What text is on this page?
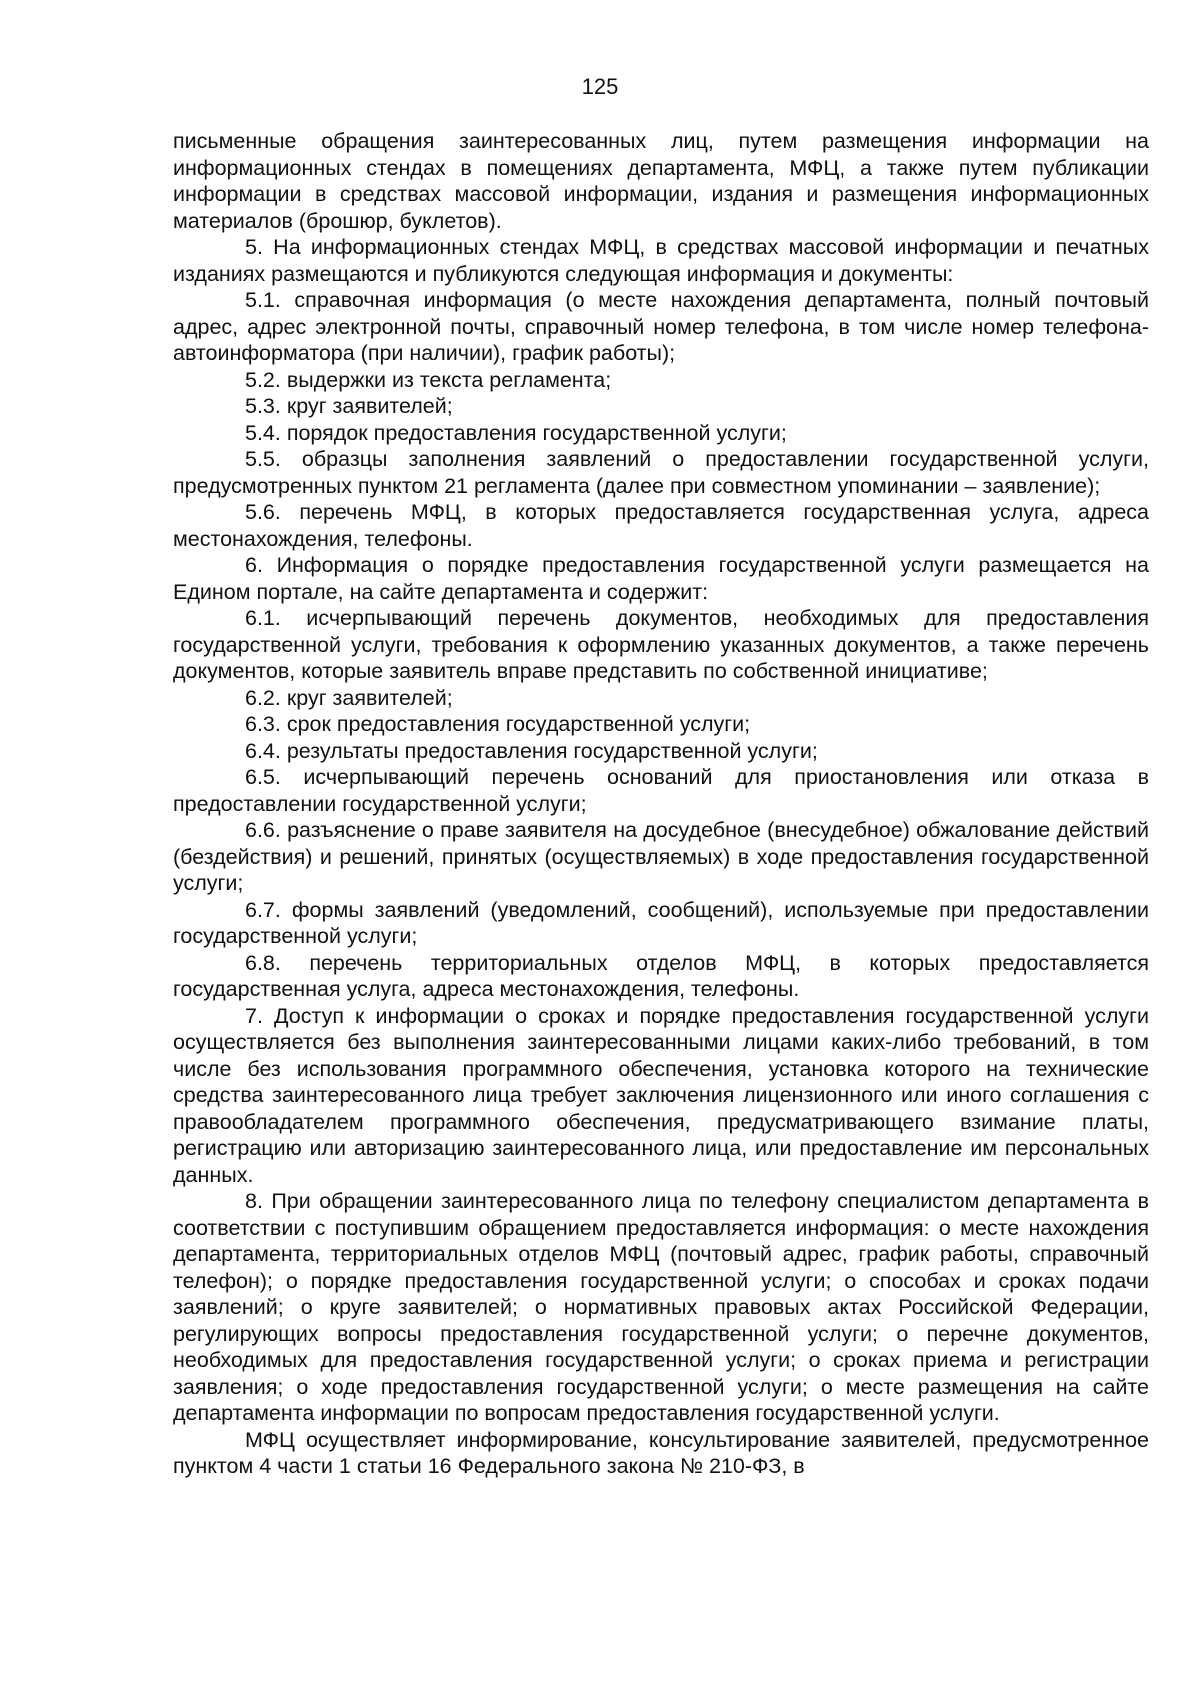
125

письменные обращения заинтересованных лиц, путем размещения информации на информационных стендах в помещениях департамента, МФЦ, а также путем публикации информации в средствах массовой информации, издания и размещения информационных материалов (брошюр, буклетов).

5. На информационных стендах МФЦ, в средствах массовой информации и печатных изданиях размещаются и публикуются следующая информация и документы:

5.1. справочная информация (о месте нахождения департамента, полный почтовый адрес, адрес электронной почты, справочный номер телефона, в том числе номер телефона-автоинформатора (при наличии), график работы);

5.2. выдержки из текста регламента;

5.3. круг заявителей;

5.4. порядок предоставления государственной услуги;

5.5. образцы заполнения заявлений о предоставлении государственной услуги, предусмотренных пунктом 21 регламента (далее при совместном упоминании – заявление);

5.6. перечень МФЦ, в которых предоставляется государственная услуга, адреса местонахождения, телефоны.

6. Информация о порядке предоставления государственной услуги размещается на Едином портале, на сайте департамента и содержит:

6.1. исчерпывающий перечень документов, необходимых для предоставления государственной услуги, требования к оформлению указанных документов, а также перечень документов, которые заявитель вправе представить по собственной инициативе;

6.2. круг заявителей;

6.3. срок предоставления государственной услуги;

6.4. результаты предоставления государственной услуги;

6.5. исчерпывающий перечень оснований для приостановления или отказа в предоставлении государственной услуги;

6.6. разъяснение о праве заявителя на досудебное (внесудебное) обжалование действий (бездействия) и решений, принятых (осуществляемых) в ходе предоставления государственной услуги;

6.7. формы заявлений (уведомлений, сообщений), используемые при предоставлении государственной услуги;

6.8. перечень территориальных отделов МФЦ, в которых предоставляется государственная услуга, адреса местонахождения, телефоны.

7. Доступ к информации о сроках и порядке предоставления государственной услуги осуществляется без выполнения заинтересованными лицами каких-либо требований, в том числе без использования программного обеспечения, установка которого на технические средства заинтересованного лица требует заключения лицензионного или иного соглашения с правообладателем программного обеспечения, предусматривающего взимание платы, регистрацию или авторизацию заинтересованного лица, или предоставление им персональных данных.

8. При обращении заинтересованного лица по телефону специалистом департамента в соответствии с поступившим обращением предоставляется информация: о месте нахождения департамента, территориальных отделов МФЦ (почтовый адрес, график работы, справочный телефон); о порядке предоставления государственной услуги; о способах и сроках подачи заявлений; о круге заявителей; о нормативных правовых актах Российской Федерации, регулирующих вопросы предоставления государственной услуги; о перечне документов, необходимых для предоставления государственной услуги; о сроках приема и регистрации заявления; о ходе предоставления государственной услуги; о месте размещения на сайте департамента информации по вопросам предоставления государственной услуги.

МФЦ осуществляет информирование, консультирование заявителей, предусмотренное пунктом 4 части 1 статьи 16 Федерального закона № 210-ФЗ, в
